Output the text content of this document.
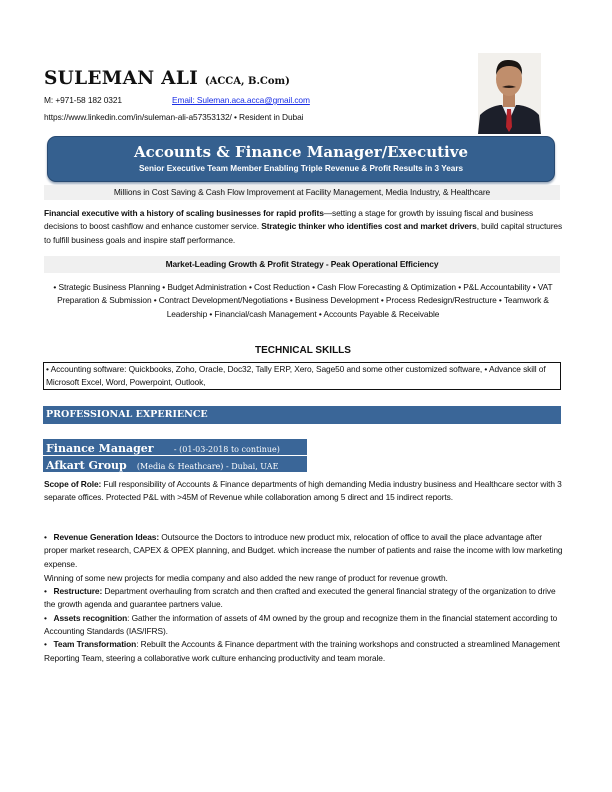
SULEMAN ALI (ACCA, B.Com)
M: +971-58 182 0321	Email: Suleman.aca.acca@gmail.com
https://www.linkedin.com/in/suleman-ali-a57353132/ • Resident in Dubai
Accounts & Finance Manager/Executive
Senior Executive Team Member Enabling Triple Revenue & Profit Results in 3 Years
Millions in Cost Saving & Cash Flow Improvement at Facility Management, Media Industry, & Healthcare

Financial executive with a history of scaling businesses for rapid profits—setting a stage for growth by issuing fiscal and business decisions to boost cashflow and enhance customer service. Strategic thinker who identifies cost and market drivers, build capital structures to fulfill business goals and inspire staff performance.

Market-Leading Growth & Profit Strategy - Peak Operational Efficiency

• Strategic Business Planning • Budget Administration • Cost Reduction • Cash Flow Forecasting & Optimization • P&L Accountability • VAT Preparation & Submission • Contract Development/Negotiations • Business Development • Process Redesign/Restructure • Teamwork & Leadership • Financial/cash Management • Accounts Payable & Receivable

TECHNICAL SKILLS
• Accounting software: Quickbooks, Zoho, Oracle, Doc32, Tally ERP, Xero, Sage50 and some other customized software, • Advance skill of Microsoft Excel, Word, Powerpoint, Outlook,
PROFESSIONAL EXPERIENCE
Finance Manager	- (01-03-2018 to continue)
Afkart Group (Media & Heathcare) - Dubai, UAE

Scope of Role: Full responsibility of Accounts & Finance departments of high demanding Media industry business and Healthcare sector with 3 separate offices. Protected P&L with >45M of Revenue while collaboration among 5 direct and 15 indirect reports.

• Revenue Generation Ideas: Outsource the Doctors to introduce new product mix, relocation of office to avail the place advantage after proper market research, CAPEX & OPEX planning, and Budget. which increase the number of patients and raise the income with low marketing expense.

Winning of some new projects for media company and also added the new range of product for revenue growth.

• Restructure: Department overhauling from scratch and then crafted and executed the general financial strategy of the organization to drive the growth agenda and guarantee partners value.

• Assets recognition: Gather the information of assets of 4M owned by the group and recognize them in the financial statement according to Accounting Standards (IAS/IFRS).

• Team Transformation: Rebuilt the Accounts & Finance department with the training workshops and constructed a streamlined Management Reporting Team, steering a collaborative work culture enhancing productivity and team morale.
